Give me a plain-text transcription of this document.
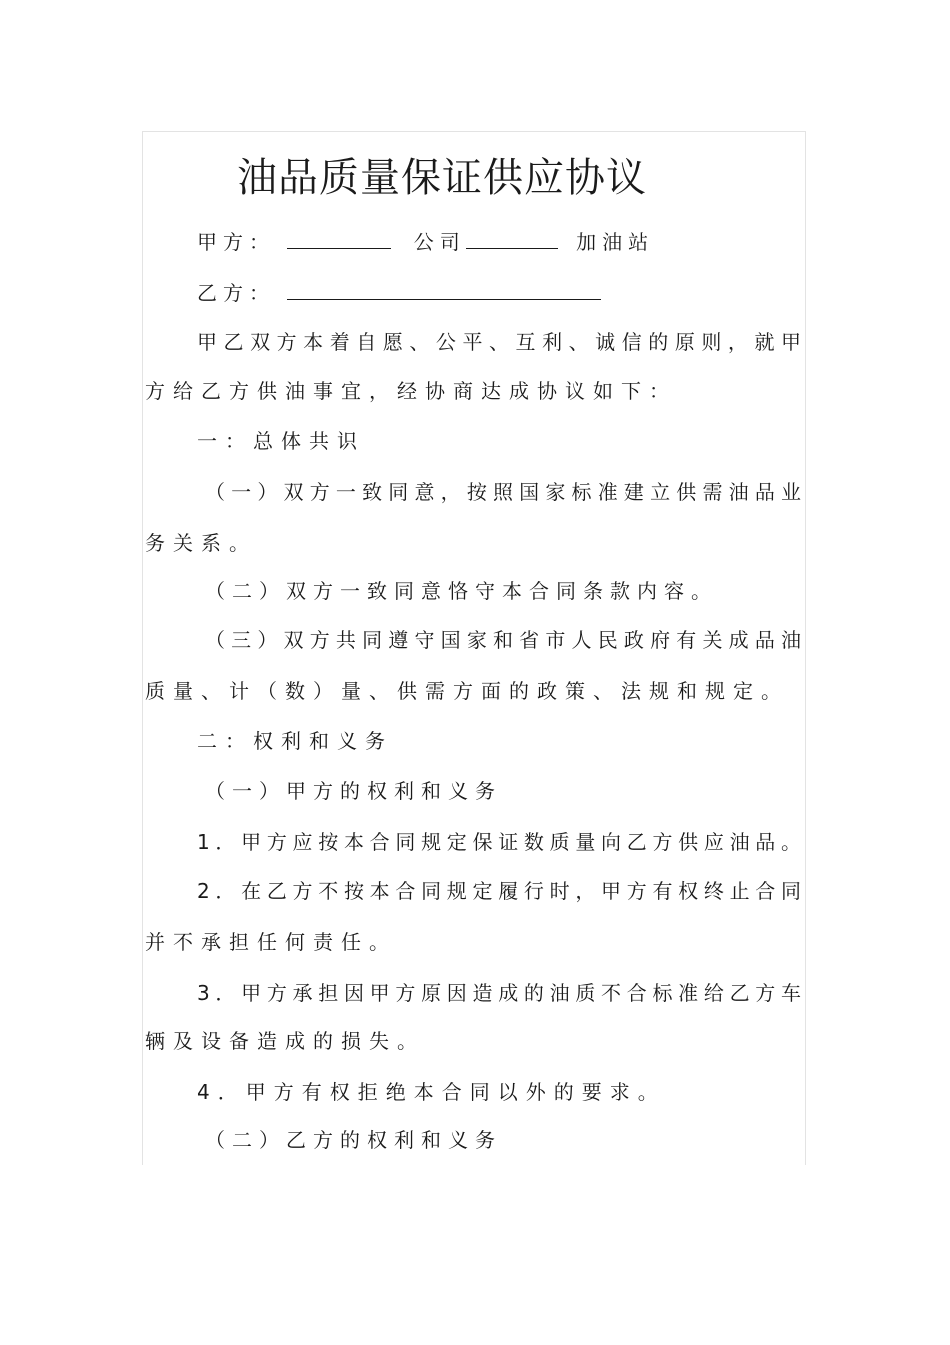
油品质量保证供应协议
甲方：	公司	加油站
乙方：
甲乙双方本着自愿、公平、互利、诚信的原则，就甲
方给乙方供油事宜，经协商达成协议如下：
一：总体共识
（一）双方一致同意，按照国家标准建立供需油品业
务关系。
（二）双方一致同意恪守本合同条款内容。
（三）双方共同遵守国家和省市人民政府有关成品油
质量、计（数）量、供需方面的政策、法规和规定。
二：权利和义务
（一）甲方的权利和义务
1．甲方应按本合同规定保证数质量向乙方供应油品。
2．在乙方不按本合同规定履行时，甲方有权终止合同
并不承担任何责任。
3．甲方承担因甲方原因造成的油质不合标准给乙方车
辆及设备造成的损失。
4．甲方有权拒绝本合同以外的要求。
（二）乙方的权利和义务
